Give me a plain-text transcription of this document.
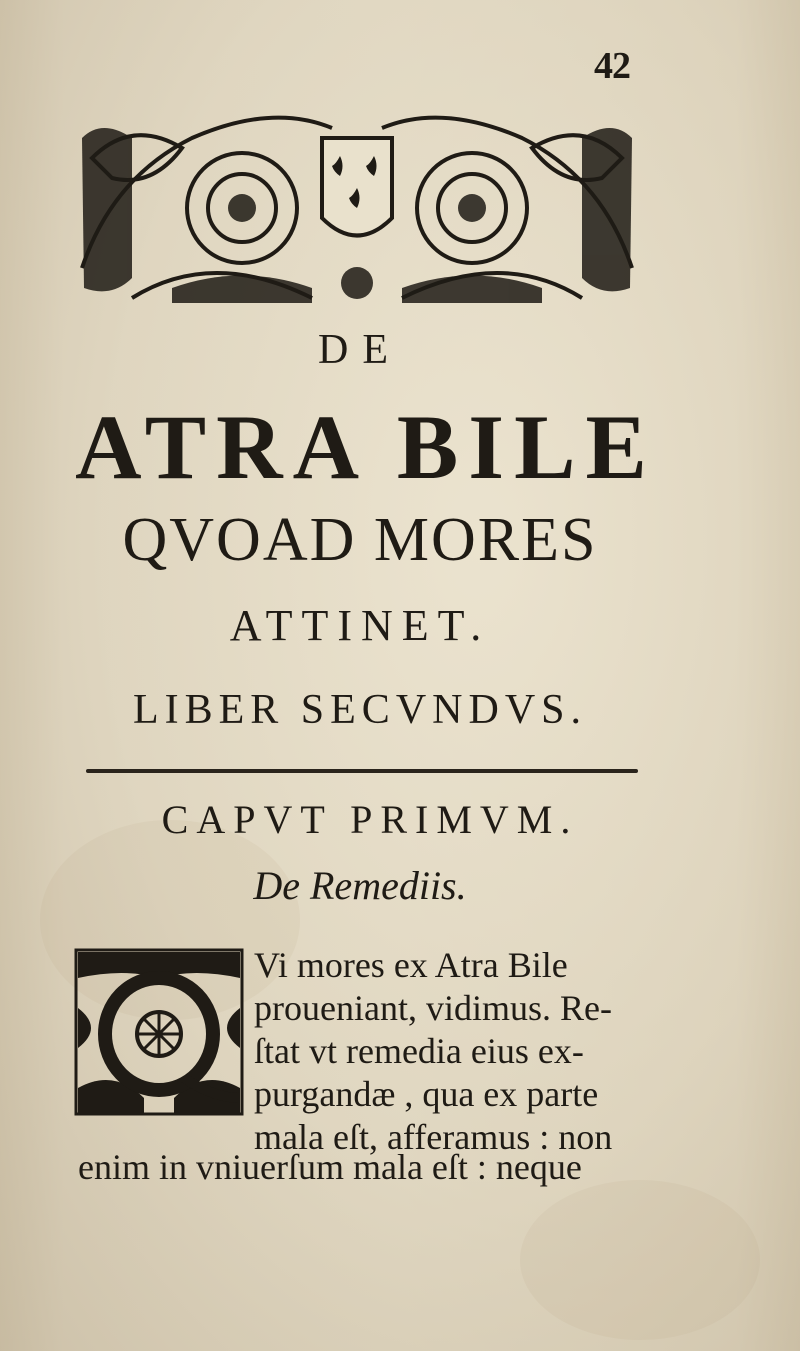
42
DE
ATRA BILE
QVOAD MORES
ATTINET.
LIBER SECVNDVS.
CAPVT PRIMVM.
De Remediis.
Vi mores ex Atra Bile
proueniant, vidimus. Re-
ſtat vt remedia eius ex-
purgandæ , qua ex parte
mala eſt, afferamus : non
enim in vniuerſum mala eſt : neque
